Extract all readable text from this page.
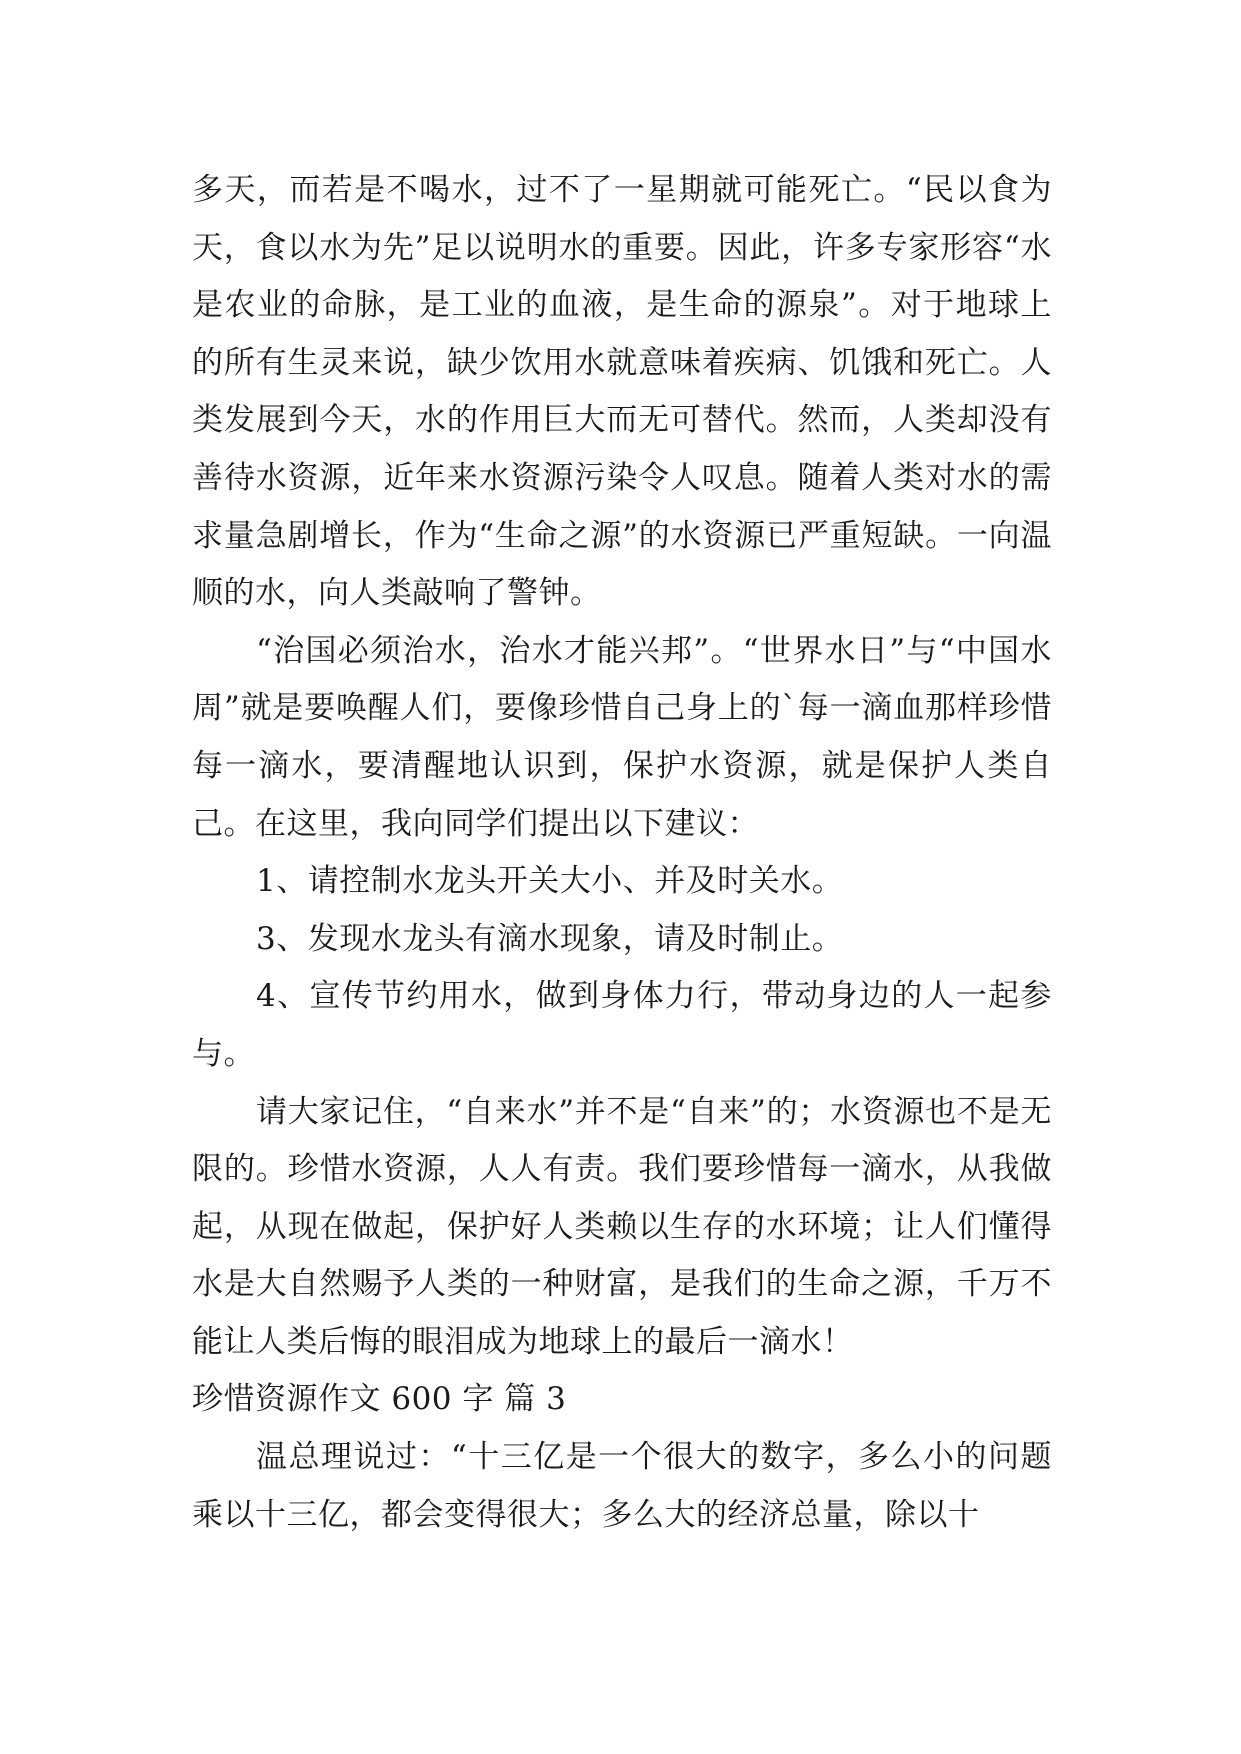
多天，而若是不喝水，过不了一星期就可能死亡。“民以食为天，食以水为先”足以说明水的重要。因此，许多专家形容“水是农业的命脉，是工业的血液，是生命的源泉”。对于地球上的所有生灵来说，缺少饮用水就意味着疾病、饥饿和死亡。人类发展到今天，水的作用巨大而无可替代。然而，人类却没有善待水资源，近年来水资源污染令人叹息。随着人类对水的需求量急剧增长，作为“生命之源”的水资源已严重短缺。一向温顺的水，向人类敲响了警钟。

“治国必须治水，治水才能兴邦”。“世界水日”与“中国水周”就是要唤醒人们，要像珍惜自己身上的`每一滴血那样珍惜每一滴水，要清醒地认识到，保护水资源，就是保护人类自己。在这里，我向同学们提出以下建议：

1、请控制水龙头开关大小、并及时关水。

3、发现水龙头有滴水现象，请及时制止。

4、宣传节约用水，做到身体力行，带动身边的人一起参与。

请大家记住，“自来水”并不是“自来”的；水资源也不是无限的。珍惜水资源，人人有责。我们要珍惜每一滴水，从我做起，从现在做起，保护好人类赖以生存的水环境；让人们懂得水是大自然赐予人类的一种财富，是我们的生命之源，千万不能让人类后悔的眼泪成为地球上的最后一滴水！

珍惜资源作文 600 字 篇 3

温总理说过：“十三亿是一个很大的数字，多么小的问题乘以十三亿，都会变得很大；多么大的经济总量，除以十
